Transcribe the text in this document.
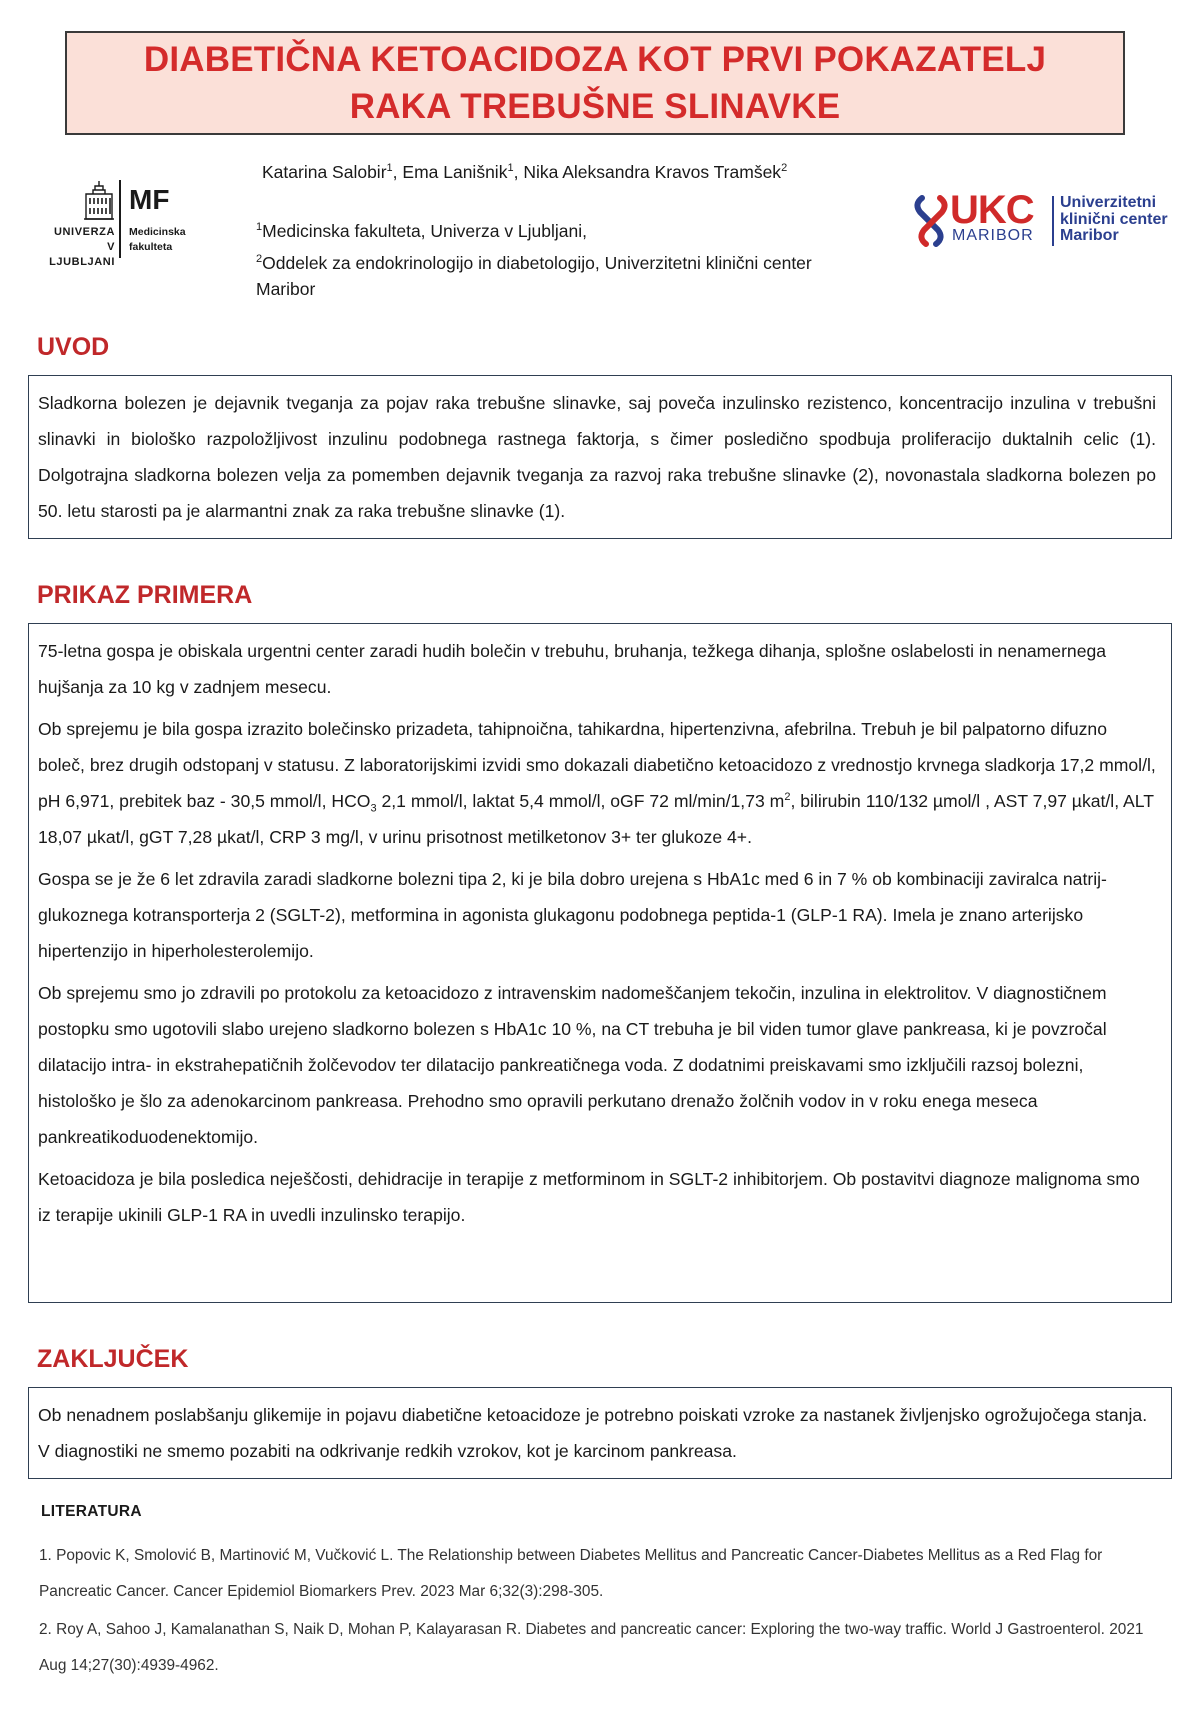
DIABETIČNA KETOACIDOZA KOT PRVI POKAZATELJ
RAKA TREBUŠNE SLINAVKE
Katarina Salobir$^1$, Ema Lanišnik$^1$, Nika Aleksandra Kravos Tramšek$^2$
$^1$Medicinska fakulteta, Univerza v Ljubljani,
$^2$Oddelek za endokrinologijo in diabetologijo, Univerzitetni klinični center Maribor
MF
UNIVERZA
V LJUBLJANI
Medicinska
fakulteta
UKC
MARIBOR
Univerzitetni
klinični center
Maribor
UVOD

Sladkorna bolezen je dejavnik tveganja za pojav raka trebušne slinavke, saj poveča inzulinsko rezistenco, koncentracijo inzulina v trebušni slinavki in biološko razpoložljivost inzulinu podobnega rastnega faktorja, s čimer posledično spodbuja proliferacijo duktalnih celic (1). Dolgotrajna sladkorna bolezen velja za pomemben dejavnik tveganja za razvoj raka trebušne slinavke (2), novonastala sladkorna bolezen po 50. letu starosti pa je alarmantni znak za raka trebušne slinavke (1).

PRIKAZ PRIMERA

75-letna gospa je obiskala urgentni center zaradi hudih bolečin v trebuhu, bruhanja, težkega dihanja, splošne oslabelosti in nenamernega hujšanja za 10 kg v zadnjem mesecu.

Ob sprejemu je bila gospa izrazito bolečinsko prizadeta, tahipnoična, tahikardna, hipertenzivna, afebrilna. Trebuh je bil palpatorno difuzno boleč, brez drugih odstopanj v statusu. Z laboratorijskimi izvidi smo dokazali diabetično ketoacidozo z vrednostjo krvnega sladkorja 17,2 mmol/l, pH 6,971, prebitek baz - 30,5 mmol/l, $HCO_3$ 2,1 mmol/l, laktat 5,4 mmol/l, oGF 72 ml/min/1,73 $m^2$, bilirubin 110/132 µmol/l , AST 7,97 µkat/l, ALT 18,07 µkat/l, gGT 7,28 µkat/l, CRP 3 mg/l, v urinu prisotnost metilketonov 3+ ter glukoze 4+.

Gospa se je že 6 let zdravila zaradi sladkorne bolezni tipa 2, ki je bila dobro urejena s HbA1c med 6 in 7 % ob kombinaciji zaviralca natrij-glukoznega kotransporterja 2 (SGLT-2), metformina in agonista glukagonu podobnega peptida-1 (GLP-1 RA). Imela je znano arterijsko hipertenzijo in hiperholesterolemijo.

Ob sprejemu smo jo zdravili po protokolu za ketoacidozo z intravenskim nadomeščanjem tekočin, inzulina in elektrolitov. V diagnostičnem postopku smo ugotovili slabo urejeno sladkorno bolezen s HbA1c 10 %, na CT trebuha je bil viden tumor glave pankreasa, ki je povzročal dilatacijo intra- in ekstrahepatičnih žolčevodov ter dilatacijo pankreatičnega voda. Z dodatnimi preiskavami smo izključili razsoj bolezni, histološko je šlo za adenokarcinom pankreasa. Prehodno smo opravili perkutano drenažo žolčnih vodov in v roku enega meseca pankreatikoduodenektomijo.

Ketoacidoza je bila posledica neješčosti, dehidracije in terapije z metforminom in SGLT-2 inhibitorjem. Ob postavitvi diagnoze malignoma smo iz terapije ukinili GLP-1 RA in uvedli inzulinsko terapijo.

ZAKLJUČEK

Ob nenadnem poslabšanju glikemije in pojavu diabetične ketoacidoze je potrebno poiskati vzroke za nastanek življenjsko ogrožujočega stanja. V diagnostiki ne smemo pozabiti na odkrivanje redkih vzrokov, kot je karcinom pankreasa.

LITERATURA
1. Popovic K, Smolović B, Martinović M, Vučković L. The Relationship between Diabetes Mellitus and Pancreatic Cancer-Diabetes Mellitus as a Red Flag for Pancreatic Cancer. Cancer Epidemiol Biomarkers Prev. 2023 Mar 6;32(3):298-305.
2. Roy A, Sahoo J, Kamalanathan S, Naik D, Mohan P, Kalayarasan R. Diabetes and pancreatic cancer: Exploring the two-way traffic. World J Gastroenterol. 2021 Aug 14;27(30):4939-4962.
